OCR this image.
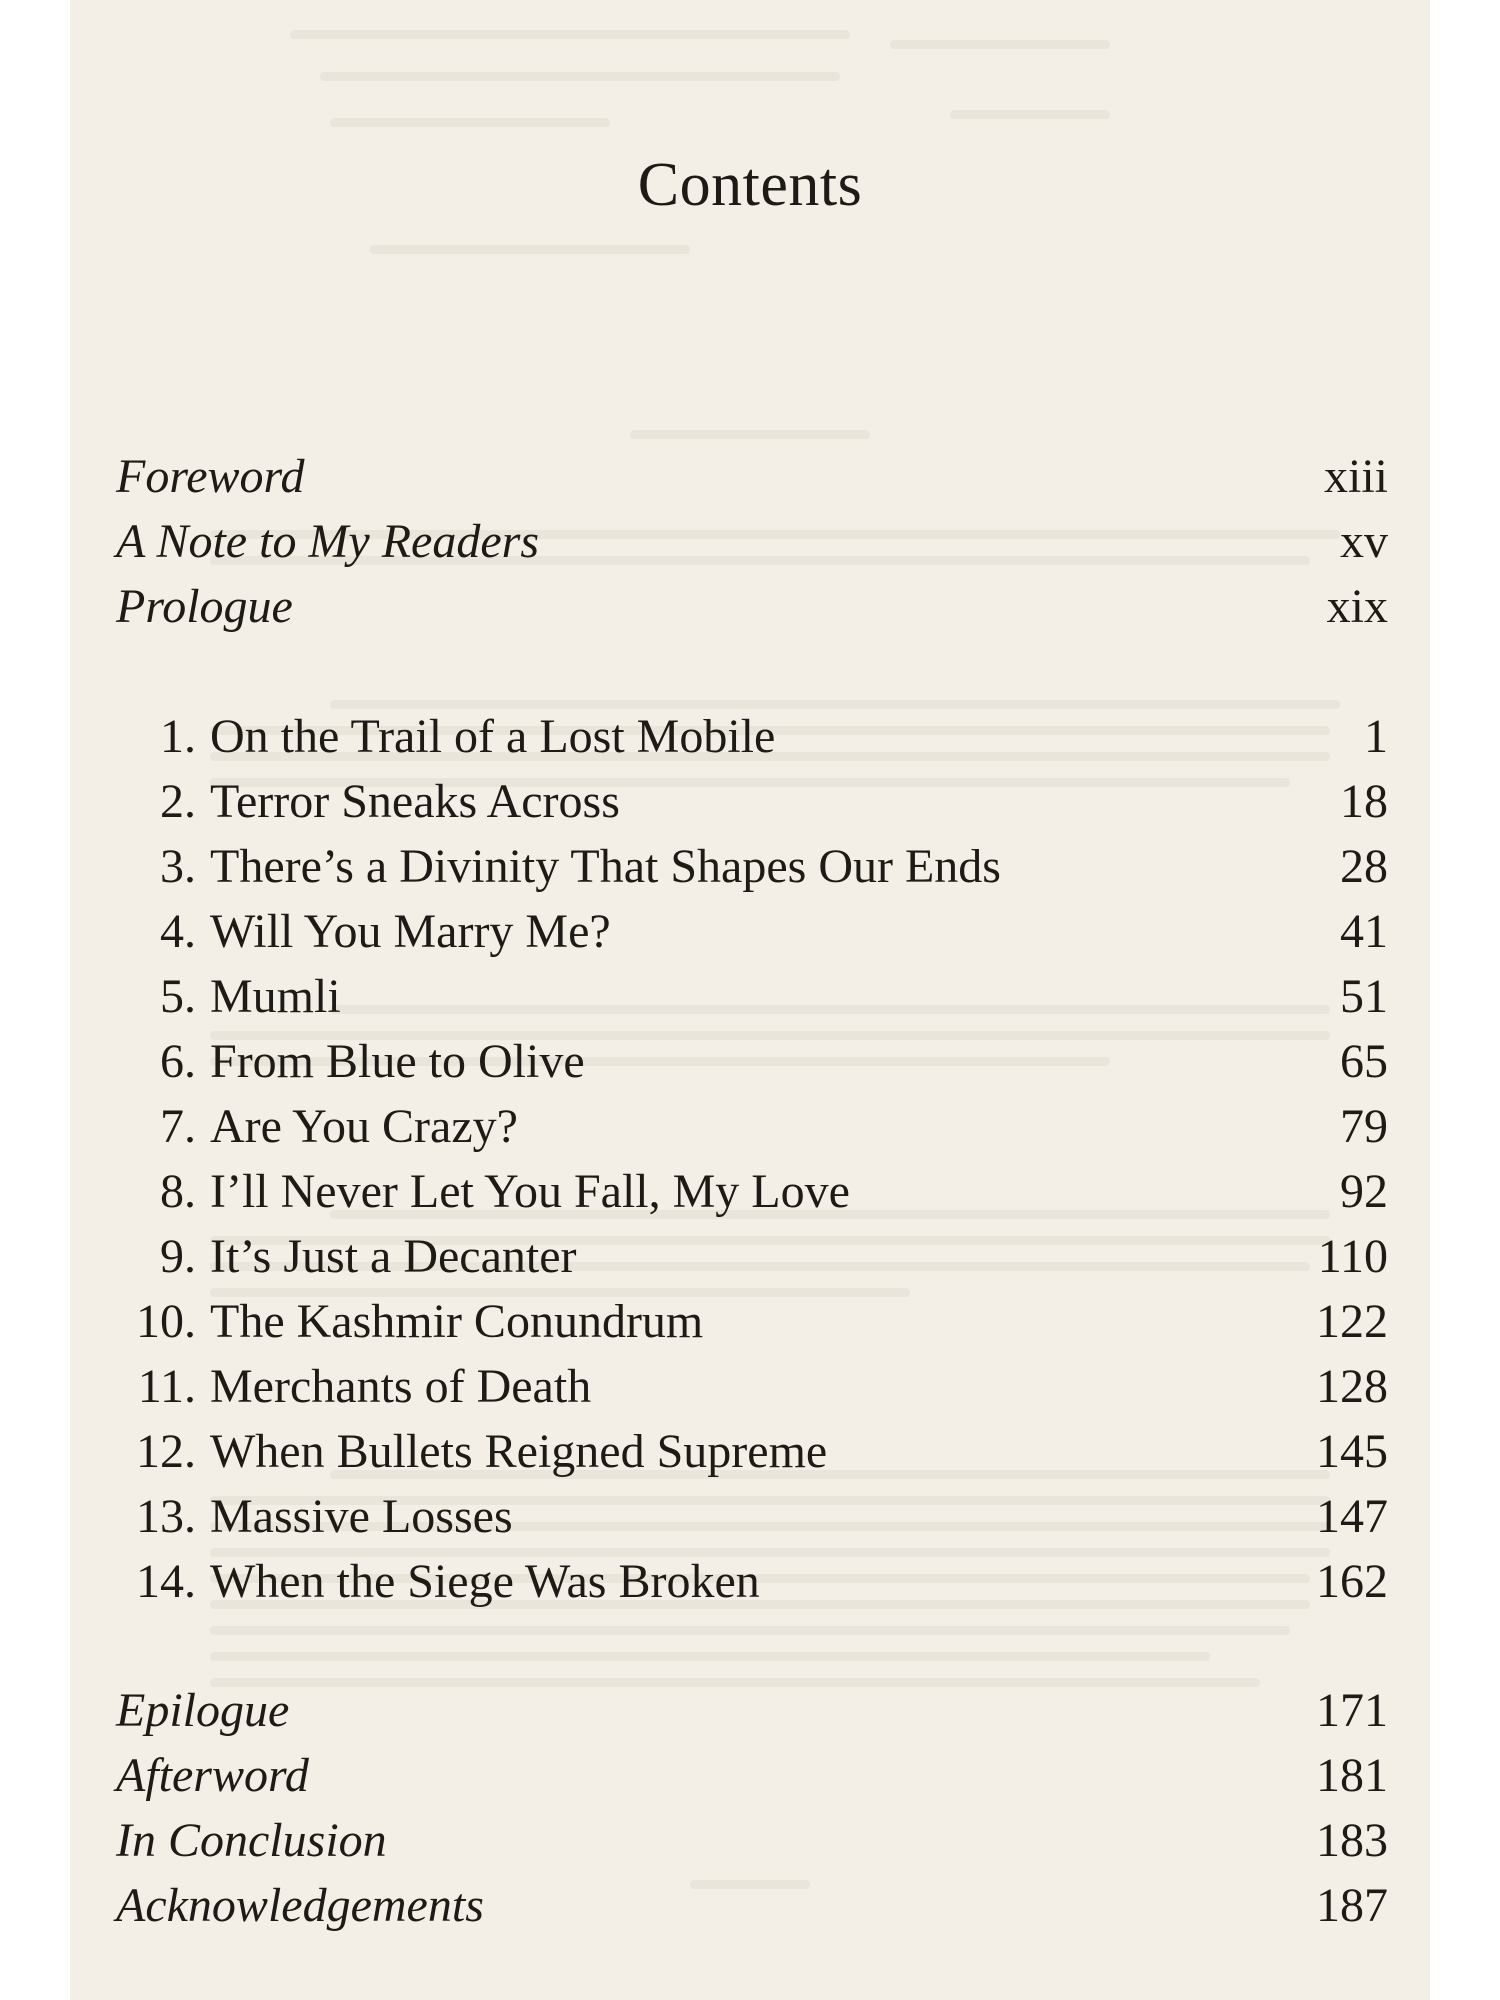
Contents
Foreword	xiii
A Note to My Readers	xv
Prologue	xix
1. On the Trail of a Lost Mobile	1
2. Terror Sneaks Across	18
3. There’s a Divinity That Shapes Our Ends	28
4. Will You Marry Me?	41
5. Mumli	51
6. From Blue to Olive	65
7. Are You Crazy?	79
8. I’ll Never Let You Fall, My Love	92
9. It’s Just a Decanter	110
10. The Kashmir Conundrum	122
11. Merchants of Death	128
12. When Bullets Reigned Supreme	145
13. Massive Losses	147
14. When the Siege Was Broken	162
Epilogue	171
Afterword	181
In Conclusion	183
Acknowledgements	187
